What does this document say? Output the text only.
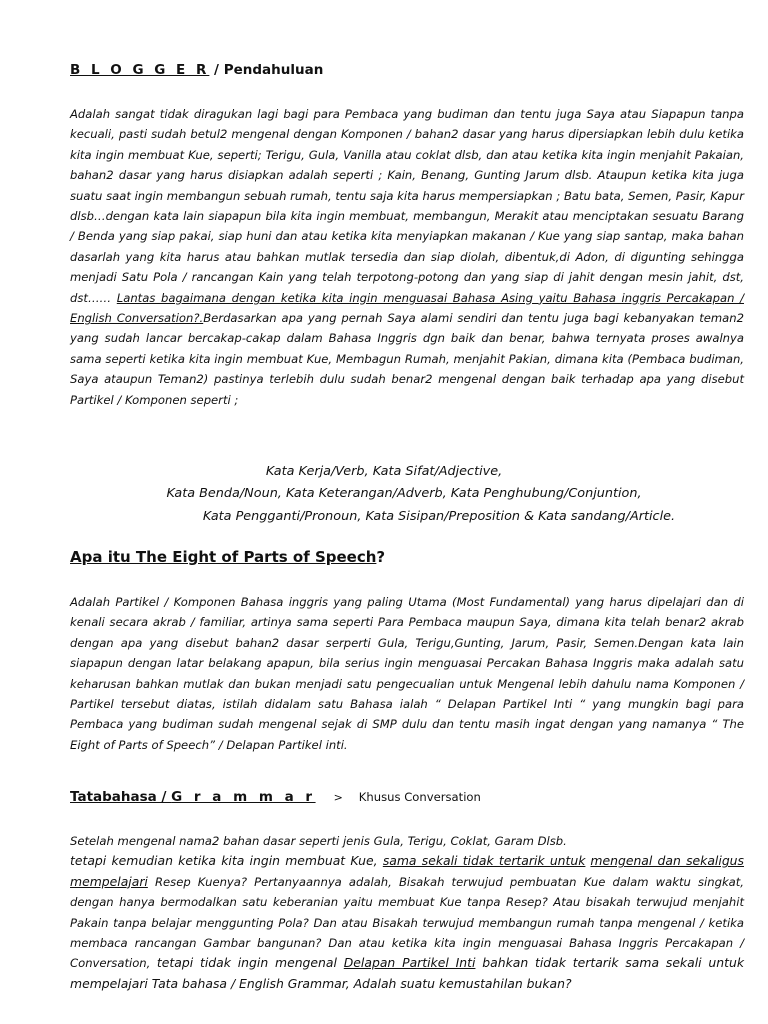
B L O G G E R / Pendahuluan
Adalah sangat tidak diragukan lagi bagi para Pembaca yang budiman dan tentu juga Saya atau Siapapun tanpa kecuali, pasti sudah betul2 mengenal dengan Komponen / bahan2 dasar yang harus dipersiapkan lebih dulu ketika kita ingin membuat Kue, seperti; Terigu, Gula, Vanilla atau coklat dlsb, dan atau ketika kita ingin menjahit Pakaian, bahan2 dasar yang harus disiapkan adalah seperti ; Kain, Benang, Gunting Jarum dlsb. Ataupun ketika kita juga suatu saat ingin membangun sebuah rumah, tentu saja kita harus mempersiapkan ; Batu bata, Semen, Pasir, Kapur dlsb…dengan kata lain siapapun bila kita ingin membuat, membangun, Merakit atau menciptakan sesuatu Barang / Benda yang siap pakai, siap huni dan atau ketika kita menyiapkan makanan / Kue yang siap santap, maka bahan dasarlah yang kita harus atau bahkan mutlak tersedia dan siap diolah, dibentuk,di Adon, di digunting sehingga menjadi Satu Pola / rancangan Kain yang telah terpotong-potong dan yang siap di jahit dengan mesin jahit, dst, dst…… Lantas bagaimana dengan ketika kita ingin menguasai Bahasa Asing yaitu Bahasa inggris Percakapan / English Conversation?.Berdasarkan apa yang pernah Saya alami sendiri dan tentu juga bagi kebanyakan teman2 yang sudah lancar bercakap-cakap dalam Bahasa Inggris dgn baik dan benar, bahwa ternyata proses awalnya sama seperti ketika kita ingin membuat Kue, Membagun Rumah, menjahit Pakian, dimana kita (Pembaca budiman, Saya ataupun Teman2) pastinya terlebih dulu sudah benar2 mengenal dengan baik terhadap apa yang disebut Partikel / Komponen seperti ;
Kata Kerja/Verb, Kata Sifat/Adjective,
Kata Benda/Noun, Kata Keterangan/Adverb, Kata Penghubung/Conjuntion,
Kata Pengganti/Pronoun, Kata Sisipan/Preposition & Kata sandang/Article.
Apa itu The Eight of Parts of Speech?
Adalah Partikel / Komponen Bahasa inggris yang paling Utama (Most Fundamental) yang harus dipelajari dan di kenali secara akrab / familiar, artinya sama seperti Para Pembaca maupun Saya, dimana kita telah benar2 akrab dengan apa yang disebut bahan2 dasar serperti Gula, Terigu,Gunting, Jarum, Pasir, Semen.Dengan kata lain siapapun dengan latar belakang apapun, bila serius ingin menguasai Percakan Bahasa Inggris maka adalah satu keharusan bahkan mutlak dan bukan menjadi satu pengecualian untuk Mengenal lebih dahulu nama Komponen / Partikel tersebut diatas, istilah didalam satu Bahasa ialah “ Delapan Partikel Inti “ yang mungkin bagi para Pembaca yang budiman sudah mengenal sejak di SMP dulu dan tentu masih ingat dengan yang namanya “ The Eight of Parts of Speech” / Delapan Partikel inti.
Tatabahasa / G r a m m a r > Khusus Conversation
Setelah mengenal nama2 bahan dasar seperti jenis Gula, Terigu, Coklat, Garam Dlsb.
tetapi kemudian ketika kita ingin membuat Kue, sama sekali tidak tertarik untuk mengenal dan sekaligus mempelajari Resep Kuenya? Pertanyaannya adalah, Bisakah terwujud pembuatan Kue dalam waktu singkat, dengan hanya bermodalkan satu keberanian yaitu membuat Kue tanpa Resep? Atau bisakah terwujud menjahit Pakain tanpa belajar menggunting Pola? Dan atau Bisakah terwujud membangun rumah tanpa mengenal / ketika membaca rancangan Gambar bangunan? Dan atau ketika kita ingin menguasai Bahasa Inggris Percakapan / Conversation, tetapi tidak ingin mengenal Delapan Partikel Inti bahkan tidak tertarik sama sekali untuk mempelajari Tata bahasa / English Grammar, Adalah suatu kemustahilan bukan?
